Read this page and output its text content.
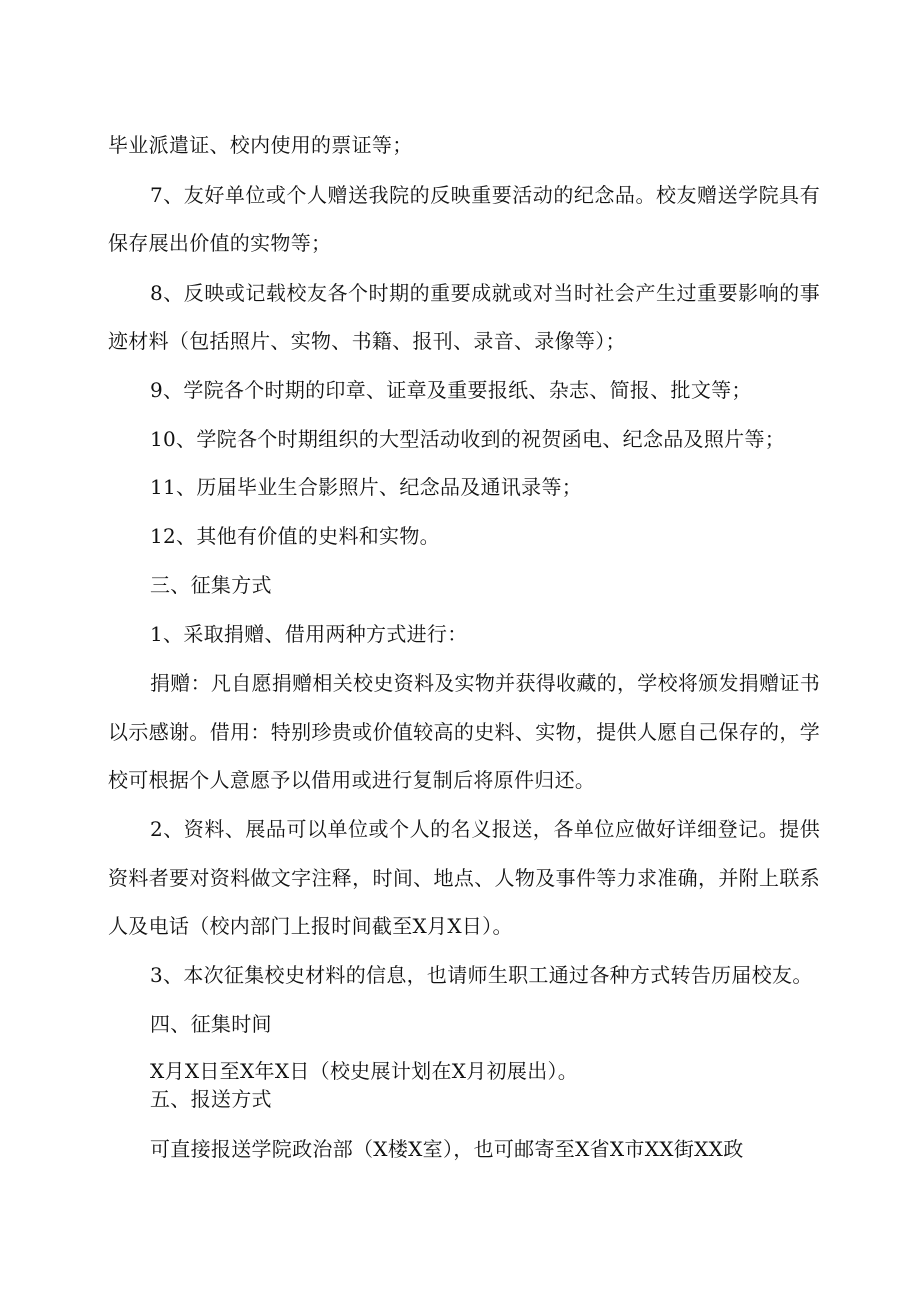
毕业派遣证、校内使用的票证等；
7、友好单位或个人赠送我院的反映重要活动的纪念品。校友赠送学院具有
保存展出价值的实物等；
8、反映或记载校友各个时期的重要成就或对当时社会产生过重要影响的事
迹材料（包括照片、实物、书籍、报刊、录音、录像等）；
9、学院各个时期的印章、证章及重要报纸、杂志、简报、批文等；
10、学院各个时期组织的大型活动收到的祝贺函电、纪念品及照片等；
11、历届毕业生合影照片、纪念品及通讯录等；
12、其他有价值的史料和实物。
三、征集方式
1、采取捐赠、借用两种方式进行：
捐赠：凡自愿捐赠相关校史资料及实物并获得收藏的，学校将颁发捐赠证书
以示感谢。借用：特别珍贵或价值较高的史料、实物，提供人愿自己保存的，学
校可根据个人意愿予以借用或进行复制后将原件归还。
2、资料、展品可以单位或个人的名义报送，各单位应做好详细登记。提供
资料者要对资料做文字注释，时间、地点、人物及事件等力求准确，并附上联系
人及电话（校内部门上报时间截至X月X日）。
3、本次征集校史材料的信息，也请师生职工通过各种方式转告历届校友。
四、征集时间
X月X日至X年X日（校史展计划在X月初展出）。
五、报送方式
可直接报送学院政治部（X楼X室），也可邮寄至X省X市XX街XX政
